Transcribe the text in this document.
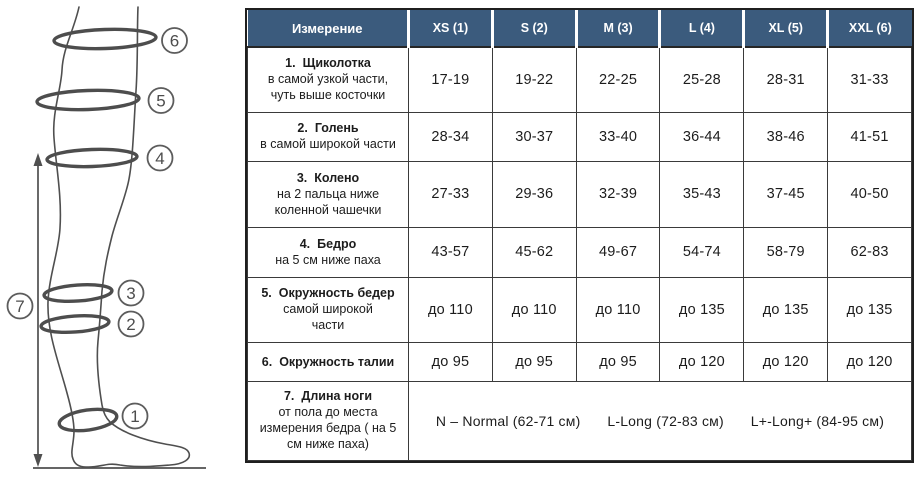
6
5
4
3
2
1
7
Измерение	XS (1)	S (2)	M (3)	L (4)	XL (5)	XXL (6)

1. Щиколотка
в самой узкой части, чуть выше косточки	17-19	19-22	22-25	25-28	28-31	31-33

2. Голень
в самой широкой части	28-34	30-37	33-40	36-44	38-46	41-51

3. Колено
на 2 пальца ниже коленной чашечки	27-33	29-36	32-39	35-43	37-45	40-50

4. Бедро
на 5 см ниже паха	43-57	45-62	49-67	54-74	58-79	62-83

5. Окружность бедер
самой широкой части	до 110	до 110	до 110	до 135	до 135	до 135

6. Окружность талии	до 95	до 95	до 95	до 120	до 120	до 120

7. Длина ноги
от пола до места измерения бедра ( на 5 см ниже паха)

N – Normal (62-71 см) L-Long (72-83 см) L+-Long+ (84-95 см)
